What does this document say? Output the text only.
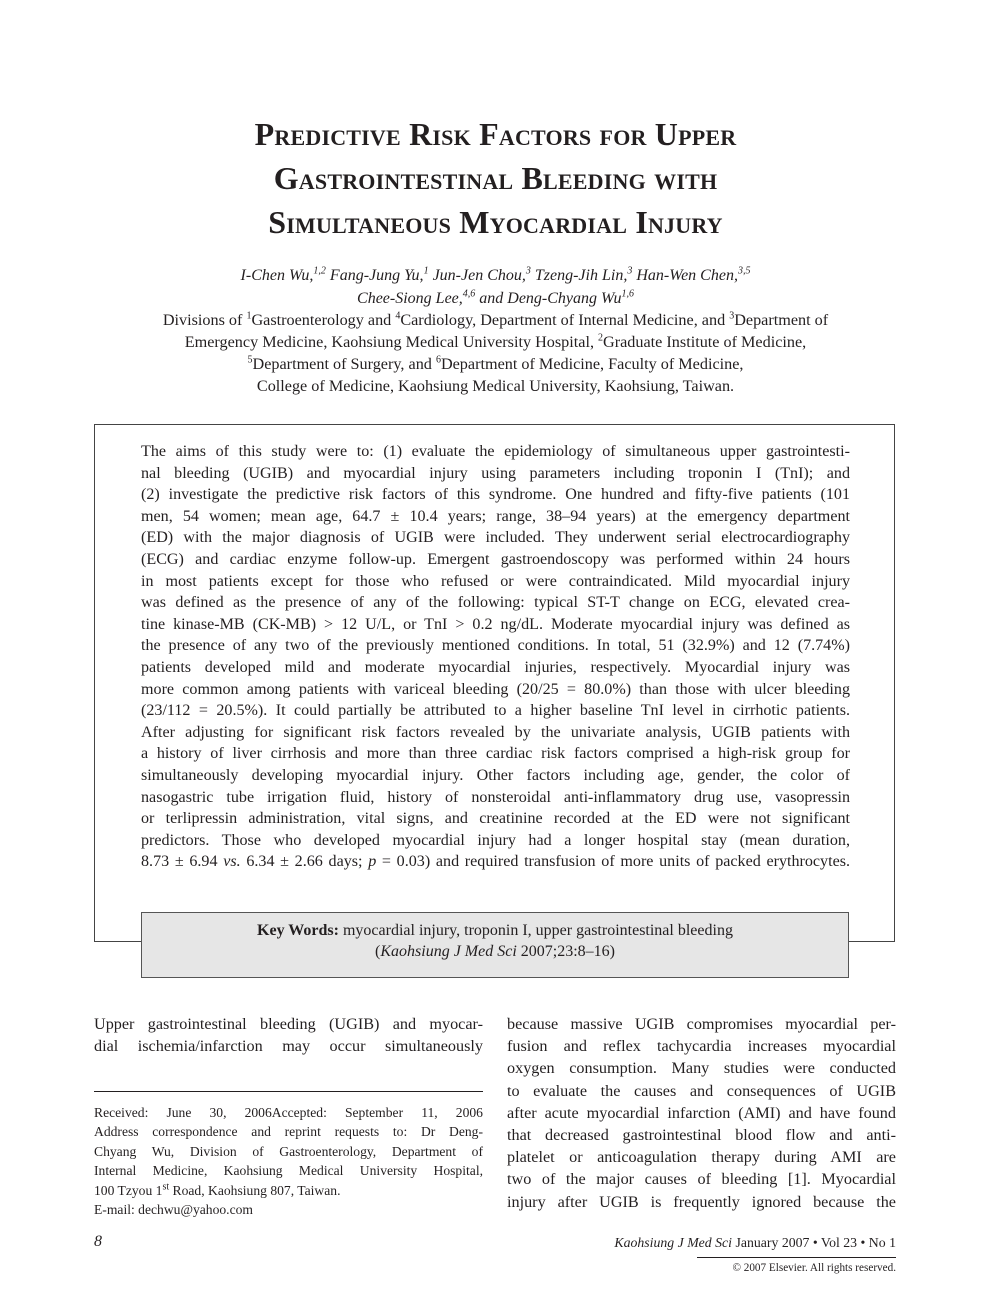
Predictive Risk Factors for Upper
Gastrointestinal Bleeding with
Simultaneous Myocardial Injury
I-Chen Wu,$^{1,2}$ Fang-Jung Yu,$^1$ Jun-Jen Chou,$^3$ Tzeng-Jih Lin,$^3$ Han-Wen Chen,$^{3,5}$
Chee-Siong Lee,$^{4,6}$ and Deng-Chyang Wu$^{1,6}$
Divisions of $^1$Gastroenterology and $^4$Cardiology, Department of Internal Medicine, and $^3$Department of
Emergency Medicine, Kaohsiung Medical University Hospital, $^2$Graduate Institute of Medicine,
$^5$Department of Surgery, and $^6$Department of Medicine, Faculty of Medicine,
College of Medicine, Kaohsiung Medical University, Kaohsiung, Taiwan.
The aims of this study were to: (1) evaluate the epidemiology of simultaneous upper gastrointesti-
nal bleeding (UGIB) and myocardial injury using parameters including troponin I (TnI); and
(2) investigate the predictive risk factors of this syndrome. One hundred and fifty-five patients (101
men, 54 women; mean age, 64.7 ± 10.4 years; range, 38–94 years) at the emergency department
(ED) with the major diagnosis of UGIB were included. They underwent serial electrocardiography
(ECG) and cardiac enzyme follow-up. Emergent gastroendoscopy was performed within 24 hours
in most patients except for those who refused or were contraindicated. Mild myocardial injury
was defined as the presence of any of the following: typical ST-T change on ECG, elevated crea-
tine kinase-MB (CK-MB) > 12 U/L, or TnI > 0.2 ng/dL. Moderate myocardial injury was defined as
the presence of any two of the previously mentioned conditions. In total, 51 (32.9%) and 12 (7.74%)
patients developed mild and moderate myocardial injuries, respectively. Myocardial injury was
more common among patients with variceal bleeding (20/25 = 80.0%) than those with ulcer bleeding
(23/112 = 20.5%). It could partially be attributed to a higher baseline TnI level in cirrhotic patients.
After adjusting for significant risk factors revealed by the univariate analysis, UGIB patients with
a history of liver cirrhosis and more than three cardiac risk factors comprised a high-risk group for
simultaneously developing myocardial injury. Other factors including age, gender, the color of
nasogastric tube irrigation fluid, history of nonsteroidal anti-inflammatory drug use, vasopressin
or terlipressin administration, vital signs, and creatinine recorded at the ED were not significant
predictors. Those who developed myocardial injury had a longer hospital stay (mean duration,
8.73 ± 6.94 vs. 6.34 ± 2.66 days; p = 0.03) and required transfusion of more units of packed erythrocytes.
Key Words: myocardial injury, troponin I, upper gastrointestinal bleeding
(Kaohsiung J Med Sci 2007;23:8–16)
Upper gastrointestinal bleeding (UGIB) and myocar-
dial ischemia/infarction may occur simultaneously
because massive UGIB compromises myocardial per-
fusion and reflex tachycardia increases myocardial
oxygen consumption. Many studies were conducted
to evaluate the causes and consequences of UGIB
after acute myocardial infarction (AMI) and have found
that decreased gastrointestinal blood flow and anti-
platelet or anticoagulation therapy during AMI are
two of the major causes of bleeding [1]. Myocardial
injury after UGIB is frequently ignored because the
Received: June 30, 2006Accepted: September 11, 2006
Address correspondence and reprint requests to: Dr Deng-
Chyang Wu, Division of Gastroenterology, Department of
Internal Medicine, Kaohsiung Medical University Hospital,
100 Tzyou 1st Road, Kaohsiung 807, Taiwan.
E-mail: dechwu@yahoo.com
8	Kaohsiung J Med Sci January 2007 • Vol 23 • No 1
© 2007 Elsevier. All rights reserved.
